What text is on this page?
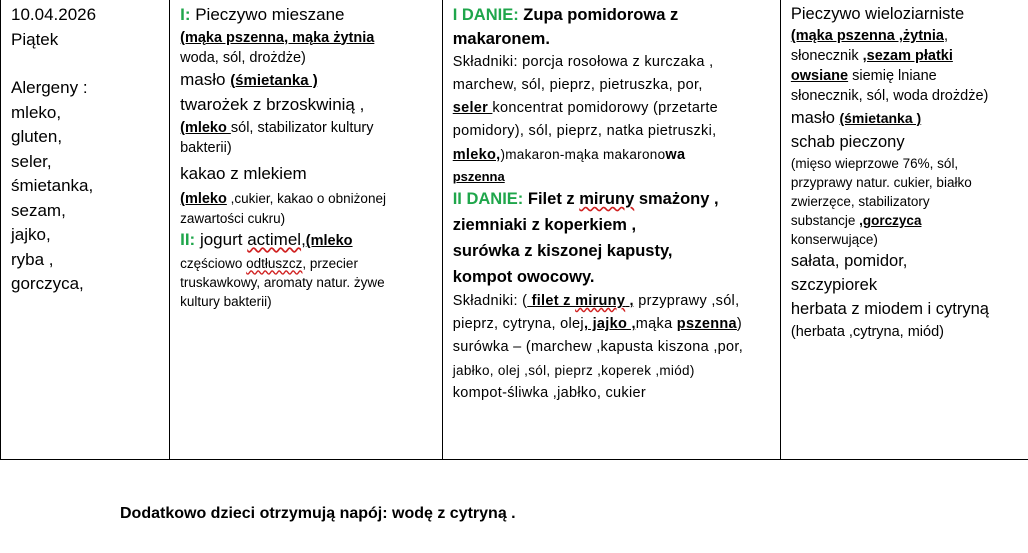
10.04.2026
Piątek
Alergeny :
mleko,
gluten,
seler,
śmietanka,
sezam,
jajko,
ryba ,
gorczyca,

I: Pieczywo mieszane
(mąka pszenna, mąka żytnia
woda, sól, drożdże)
masło (śmietanka )
twarożek z brzoskwinią ,
(mleko sól, stabilizator kultury
bakterii)
kakao z mlekiem
(mleko ,cukier, kakao o obniżonej
zawartości cukru)
II: jogurt actimel,(mleko
częściowo odtłuszcz, przecier
truskawkowy, aromaty natur. żywe
kultury bakterii)

I DANIE: Zupa pomidorowa z
makaronem.
Składniki: porcja rosołowa z kurczaka ,
marchew, sól, pieprz, pietruszka, por,
seler koncentrat pomidorowy (przetarte
pomidory), sól, pieprz, natka pietruszki,
mleko,)makaron-mąka makaronowa
pszenna
II DANIE: Filet z miruny smażony ,
ziemniaki z koperkiem ,
surówka z kiszonej kapusty,
kompot owocowy.
Składniki: ( filet z miruny , przyprawy ,sól,
pieprz, cytryna, olej, jajko ,mąka pszenna)
surówka – (marchew ,kapusta kiszona ,por,
jabłko, olej ,sól, pieprz ,koperek ,miód)
kompot-śliwka ,jabłko, cukier

Pieczywo wieloziarniste
(mąka pszenna ,żytnia,
słonecznik ,sezam płatki
owsiane siemię lniane
słonecznik, sól, woda drożdże)
masło (śmietanka )
schab pieczony
(mięso wieprzowe 76%, sól,
przyprawy natur. cukier, białko
zwierzęce, stabilizatory
substancje ,gorczyca
konserwujące)
sałata, pomidor,
szczypiorek
herbata z miodem i cytryną
(herbata ,cytryna, miód)
Dodatkowo dzieci otrzymują napój: wodę z cytryną .
